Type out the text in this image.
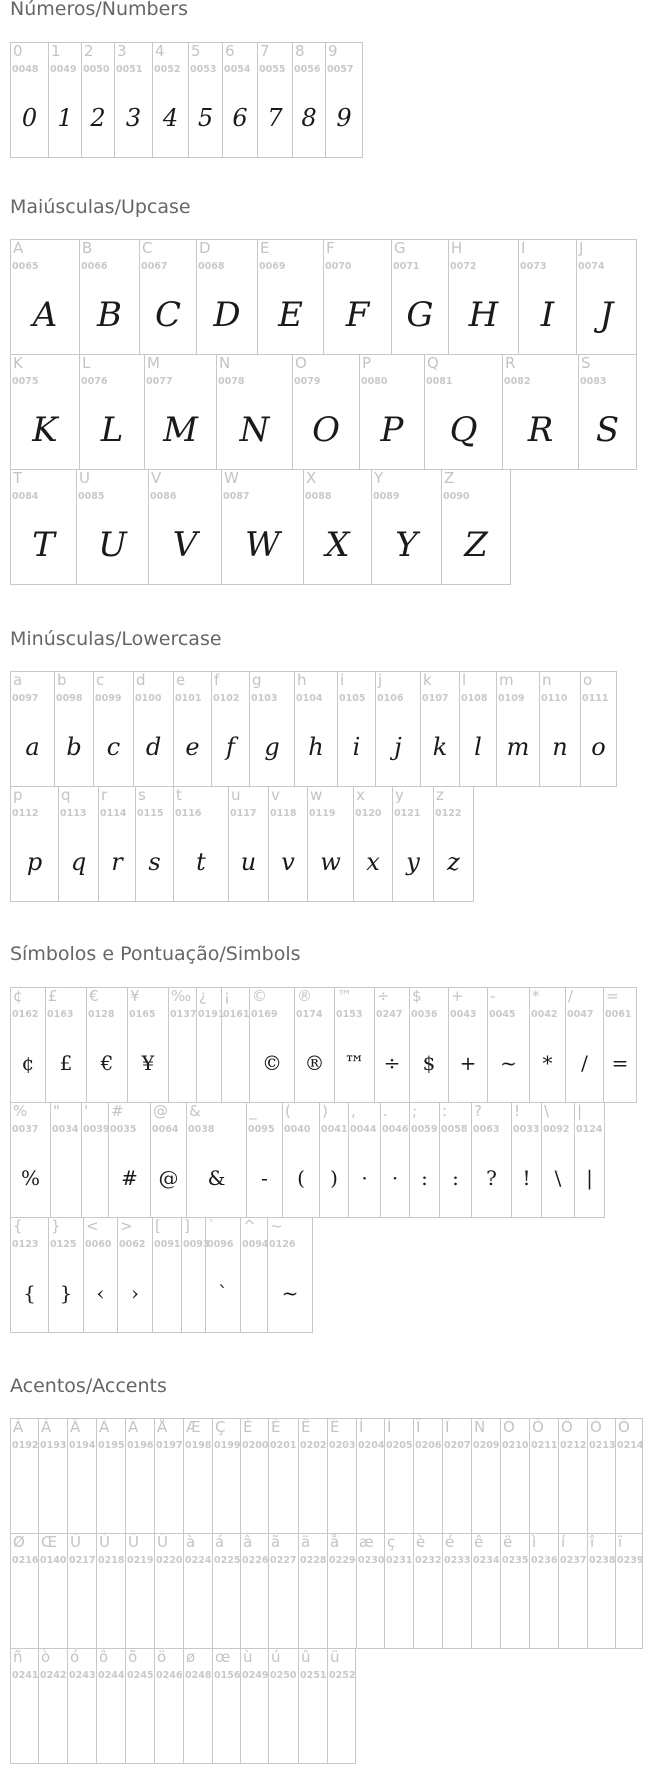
Números/Numbers
0
0048
0
1
0049
1
2
0050
2
3
0051
3
4
0052
4
5
0053
5
6
0054
6
7
0055
7
8
0056
8
9
0057
9
Maiúsculas/Upcase
A
0065
A
B
0066
B
C
0067
C
D
0068
D
E
0069
E
F
0070
F
G
0071
G
H
0072
H
I
0073
I
J
0074
J
K
0075
K
L
0076
L
M
0077
M
N
0078
N
O
0079
O
P
0080
P
Q
0081
Q
R
0082
R
S
0083
S
T
0084
T
U
0085
U
V
0086
V
W
0087
W
X
0088
X
Y
0089
Y
Z
0090
Z
Minúsculas/Lowercase
a
0097
a
b
0098
b
c
0099
c
d
0100
d
e
0101
e
f
0102
f
g
0103
g
h
0104
h
i
0105
i
j
0106
j
k
0107
k
l
0108
l
m
0109
m
n
0110
n
o
0111
o
p
0112
p
q
0113
q
r
0114
r
s
0115
s
t
0116
t
u
0117
u
v
0118
v
w
0119
w
x
0120
x
y
0121
y
z
0122
z
Símbolos e Pontuação/Simbols
¢
0162
¢
£
0163
£
€
0128
€
¥
0165
¥
‰
0137
¿
0191
¡
0161
©
0169
©
®
0174
®
™
0153
™
÷
0247
÷
$
0036
$
+
0043
+
-
0045
~
*
0042
*
/
0047
/
=
0061
=
%
0037
%
"
0034
'
0039
#
0035
#
@
0064
@
&
0038
&
_
0095
-
(
0040
(
)
0041
)
,
0044
·
.
0046
·
;
0059
:
:
0058
:
?
0063
?
!
0033
!
\
0092
\
|
0124
|
{
0123
{
}
0125
}
<
0060
‹
>
0062
›
[
0091
]
0093
`
0096
`
^
0094
~
0126
~
Acentos/Accents
À
0192
Á
0193
Â
0194
Ã
0195
Ä
0196
Å
0197
Æ
0198
Ç
0199
È
0200
É
0201
Ê
0202
Ë
0203
Ì
0204
Í
0205
Î
0206
Ï
0207
Ñ
0209
Ò
0210
Ó
0211
Ô
0212
Õ
0213
Ö
0214
Ø
0216
Œ
0140
Ù
0217
Ú
0218
Û
0219
Ü
0220
à
0224
á
0225
â
0226
ã
0227
ä
0228
å
0229
æ
0230
ç
0231
è
0232
é
0233
ê
0234
ë
0235
ì
0236
í
0237
î
0238
ï
0239
ñ
0241
ò
0242
ó
0243
ô
0244
õ
0245
ö
0246
ø
0248
œ
0156
ù
0249
ú
0250
û
0251
ü
0252
